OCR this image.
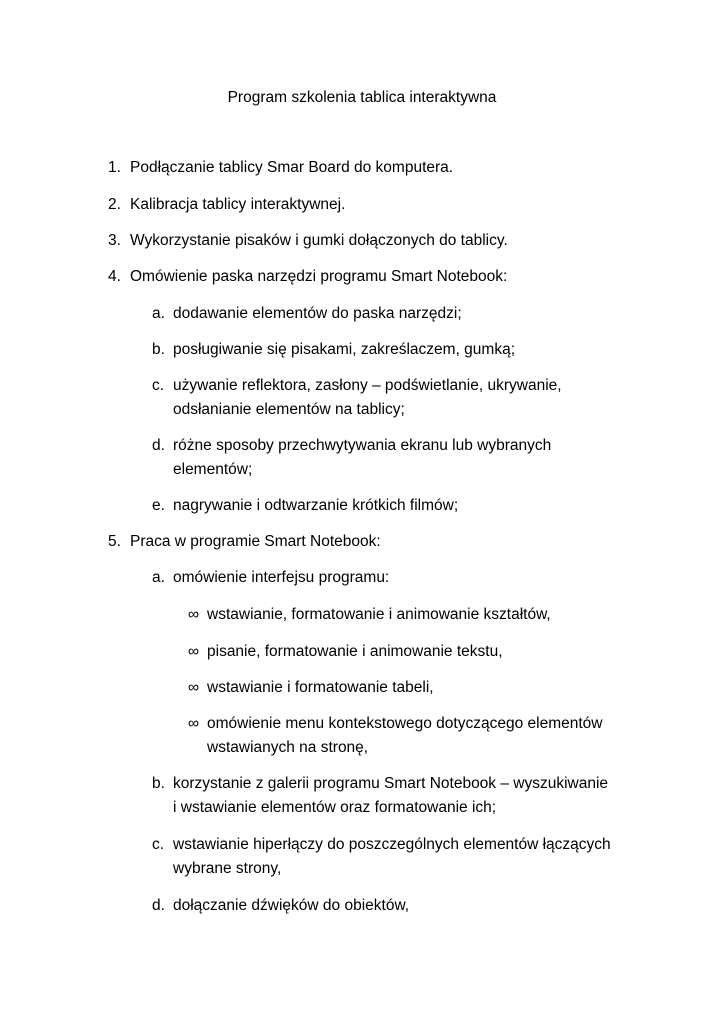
Program szkolenia tablica interaktywna
1. Podłączanie tablicy Smar Board do komputera.
2. Kalibracja tablicy interaktywnej.
3. Wykorzystanie pisaków i gumki dołączonych do tablicy.
4. Omówienie paska narzędzi programu Smart Notebook:
a. dodawanie elementów do paska narzędzi;
b. posługiwanie się pisakami, zakreślaczem, gumką;
c. używanie reflektora, zasłony – podświetlanie, ukrywanie,
odsłanianie elementów na tablicy;
d. różne sposoby przechwytywania ekranu lub wybranych
elementów;
e. nagrywanie i odtwarzanie krótkich filmów;
5. Praca w programie Smart Notebook:
a. omówienie interfejsu programu:
∞ wstawianie, formatowanie i animowanie kształtów,
∞ pisanie, formatowanie i animowanie tekstu,
∞ wstawianie i formatowanie tabeli,
∞ omówienie menu kontekstowego dotyczącego elementów
wstawianych na stronę,
b. korzystanie z galerii programu Smart Notebook – wyszukiwanie
i wstawianie elementów oraz formatowanie ich;
c. wstawianie hiperłączy do poszczególnych elementów łączących
wybrane strony,
d. dołączanie dźwięków do obiektów,
